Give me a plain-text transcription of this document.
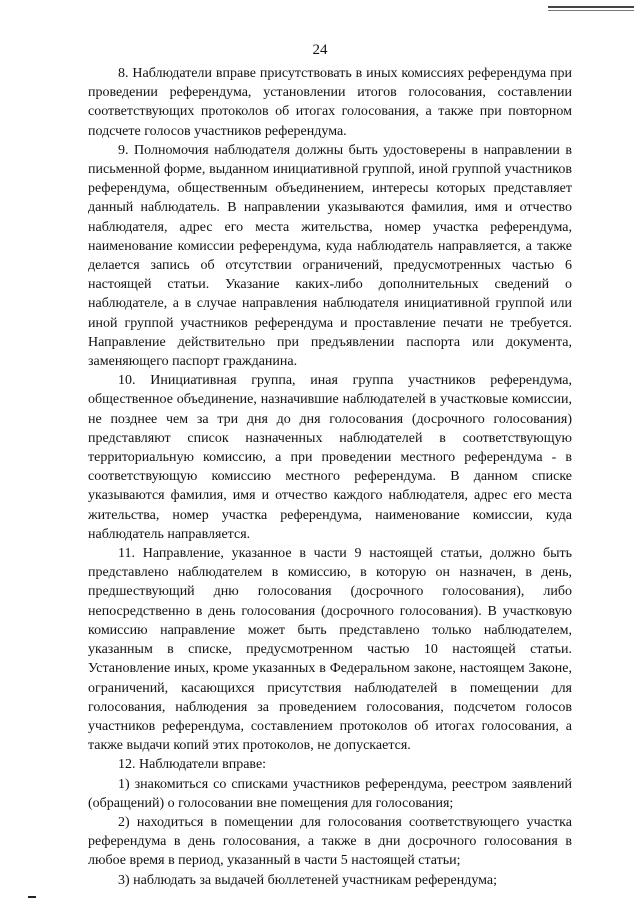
24

8. Наблюдатели вправе присутствовать в иных комиссиях референдума при проведении референдума, установлении итогов голосования, составлении соответствующих протоколов об итогах голосования, а также при повторном подсчете голосов участников референдума.

9. Полномочия наблюдателя должны быть удостоверены в направлении в письменной форме, выданном инициативной группой, иной группой участников референдума, общественным объединением, интересы которых представляет данный наблюдатель. В направлении указываются фамилия, имя и отчество наблюдателя, адрес его места жительства, номер участка референдума, наименование комиссии референдума, куда наблюдатель направляется, а также делается запись об отсутствии ограничений, предусмотренных частью 6 настоящей статьи. Указание каких-либо дополнительных сведений о наблюдателе, а в случае направления наблюдателя инициативной группой или иной группой участников референдума и проставление печати не требуется. Направление действительно при предъявлении паспорта или документа, заменяющего паспорт гражданина.

10. Инициативная группа, иная группа участников референдума, общественное объединение, назначившие наблюдателей в участковые комиссии, не позднее чем за три дня до дня голосования (досрочного голосования) представляют список назначенных наблюдателей в соответствующую территориальную комиссию, а при проведении местного референдума - в соответствующую комиссию местного референдума. В данном списке указываются фамилия, имя и отчество каждого наблюдателя, адрес его места жительства, номер участка референдума, наименование комиссии, куда наблюдатель направляется.

11. Направление, указанное в части 9 настоящей статьи, должно быть представлено наблюдателем в комиссию, в которую он назначен, в день, предшествующий дню голосования (досрочного голосования), либо непосредственно в день голосования (досрочного голосования). В участковую комиссию направление может быть представлено только наблюдателем, указанным в списке, предусмотренном частью 10 настоящей статьи. Установление иных, кроме указанных в Федеральном законе, настоящем Законе, ограничений, касающихся присутствия наблюдателей в помещении для голосования, наблюдения за проведением голосования, подсчетом голосов участников референдума, составлением протоколов об итогах голосования, а также выдачи копий этих протоколов, не допускается.

12. Наблюдатели вправе:

1) знакомиться со списками участников референдума, реестром заявлений (обращений) о голосовании вне помещения для голосования;

2) находиться в помещении для голосования соответствующего участка референдума в день голосования, а также в дни досрочного голосования в любое время в период, указанный в части 5 настоящей статьи;

3) наблюдать за выдачей бюллетеней участникам референдума;
